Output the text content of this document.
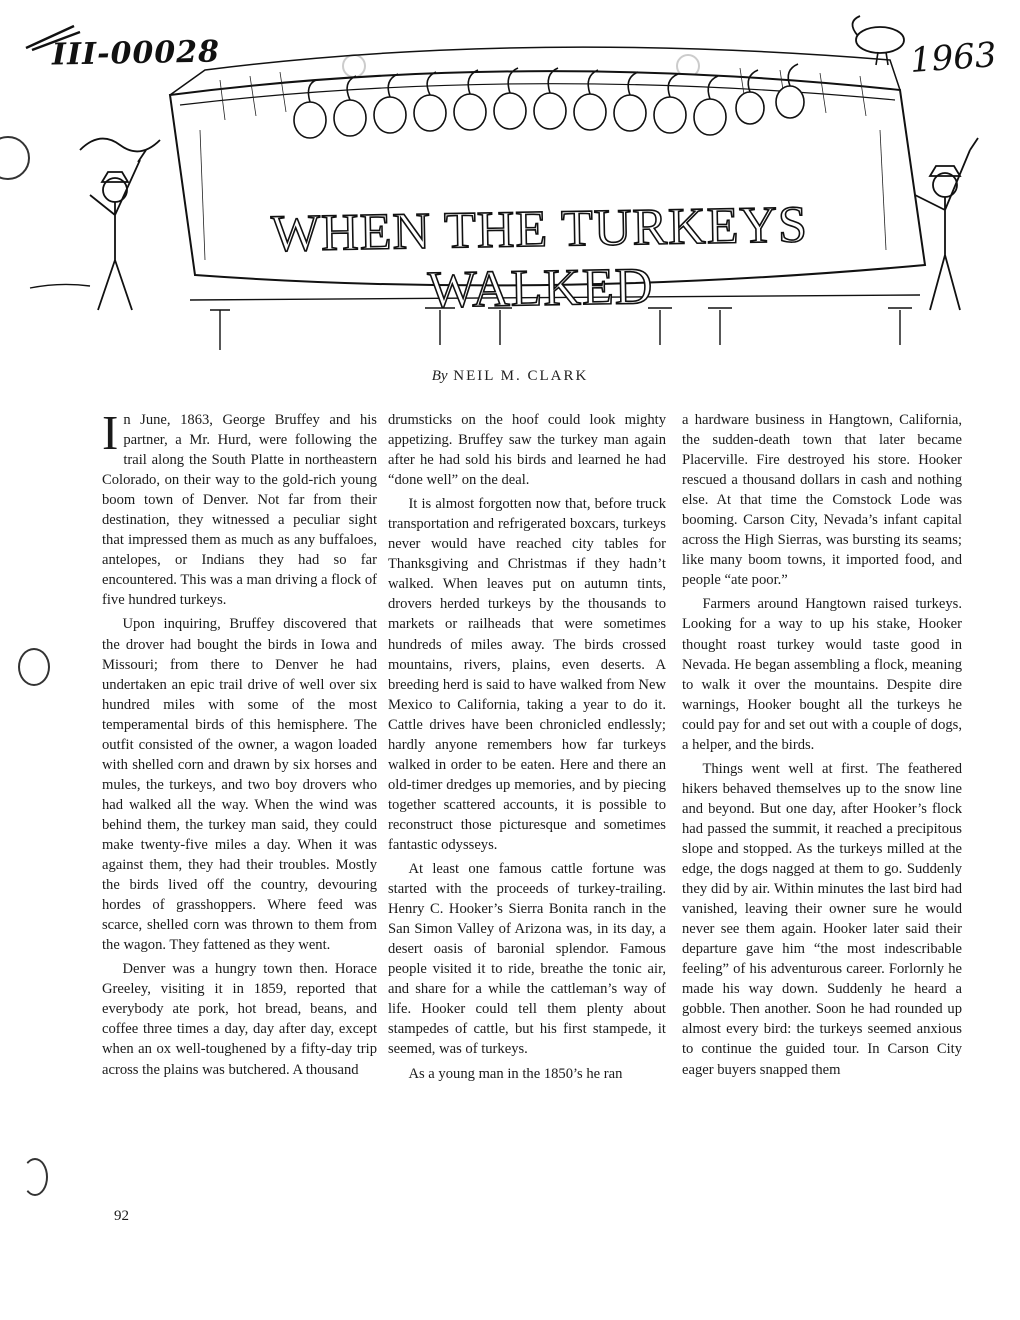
III-00028	1963
WHEN THE TURKEYS WALKED
By NEIL M. CLARK

In June, 1863, George Bruffey and his partner, a Mr. Hurd, were following the trail along the South Platte in northeastern Colorado, on their way to the gold-rich young boom town of Denver. Not far from their destination, they witnessed a peculiar sight that impressed them as much as any buffaloes, antelopes, or Indians they had so far encountered. This was a man driving a flock of five hundred turkeys.

Upon inquiring, Bruffey discovered that the drover had bought the birds in Iowa and Missouri; from there to Denver he had undertaken an epic trail drive of well over six hundred miles with some of the most temperamental birds of this hemisphere. The outfit consisted of the owner, a wagon loaded with shelled corn and drawn by six horses and mules, the turkeys, and two boy drovers who had walked all the way. When the wind was behind them, the turkey man said, they could make twenty-five miles a day. When it was against them, they had their troubles. Mostly the birds lived off the country, devouring hordes of grasshoppers. Where feed was scarce, shelled corn was thrown to them from the wagon. They fattened as they went.

Denver was a hungry town then. Horace Greeley, visiting it in 1859, reported that everybody ate pork, hot bread, beans, and coffee three times a day, day after day, except when an ox well-toughened by a fifty-day trip across the plains was butchered. A thousand

drumsticks on the hoof could look mighty appetizing. Bruffey saw the turkey man again after he had sold his birds and learned he had “done well” on the deal.

It is almost forgotten now that, before truck transportation and refrigerated boxcars, turkeys never would have reached city tables for Thanksgiving and Christmas if they hadn’t walked. When leaves put on autumn tints, drovers herded turkeys by the thousands to markets or railheads that were sometimes hundreds of miles away. The birds crossed mountains, rivers, plains, even deserts. A breeding herd is said to have walked from New Mexico to California, taking a year to do it. Cattle drives have been chronicled endlessly; hardly anyone remembers how far turkeys walked in order to be eaten. Here and there an old-timer dredges up memories, and by piecing together scattered accounts, it is possible to reconstruct those picturesque and sometimes fantastic odysseys.

At least one famous cattle fortune was started with the proceeds of turkey-trailing. Henry C. Hooker’s Sierra Bonita ranch in the San Simon Valley of Arizona was, in its day, a desert oasis of baronial splendor. Famous people visited it to ride, breathe the tonic air, and share for a while the cattleman’s way of life. Hooker could tell them plenty about stampedes of cattle, but his first stampede, it seemed, was of turkeys.

As a young man in the 1850’s he ran

a hardware business in Hangtown, California, the sudden-death town that later became Placerville. Fire destroyed his store. Hooker rescued a thousand dollars in cash and nothing else. At that time the Comstock Lode was booming. Carson City, Nevada’s infant capital across the High Sierras, was bursting its seams; like many boom towns, it imported food, and people “ate poor.”

Farmers around Hangtown raised turkeys. Looking for a way to up his stake, Hooker thought roast turkey would taste good in Nevada. He began assembling a flock, meaning to walk it over the mountains. Despite dire warnings, Hooker bought all the turkeys he could pay for and set out with a couple of dogs, a helper, and the birds.

Things went well at first. The feathered hikers behaved themselves up to the snow line and beyond. But one day, after Hooker’s flock had passed the summit, it reached a precipitous slope and stopped. As the turkeys milled at the edge, the dogs nagged at them to go. Suddenly they did by air. Within minutes the last bird had vanished, leaving their owner sure he would never see them again. Hooker later said their departure gave him “the most indescribable feeling” of his adventurous career. Forlornly he made his way down. Suddenly he heard a gobble. Then another. Soon he had rounded up almost every bird: the turkeys seemed anxious to continue the guided tour. In Carson City eager buyers snapped them

92
